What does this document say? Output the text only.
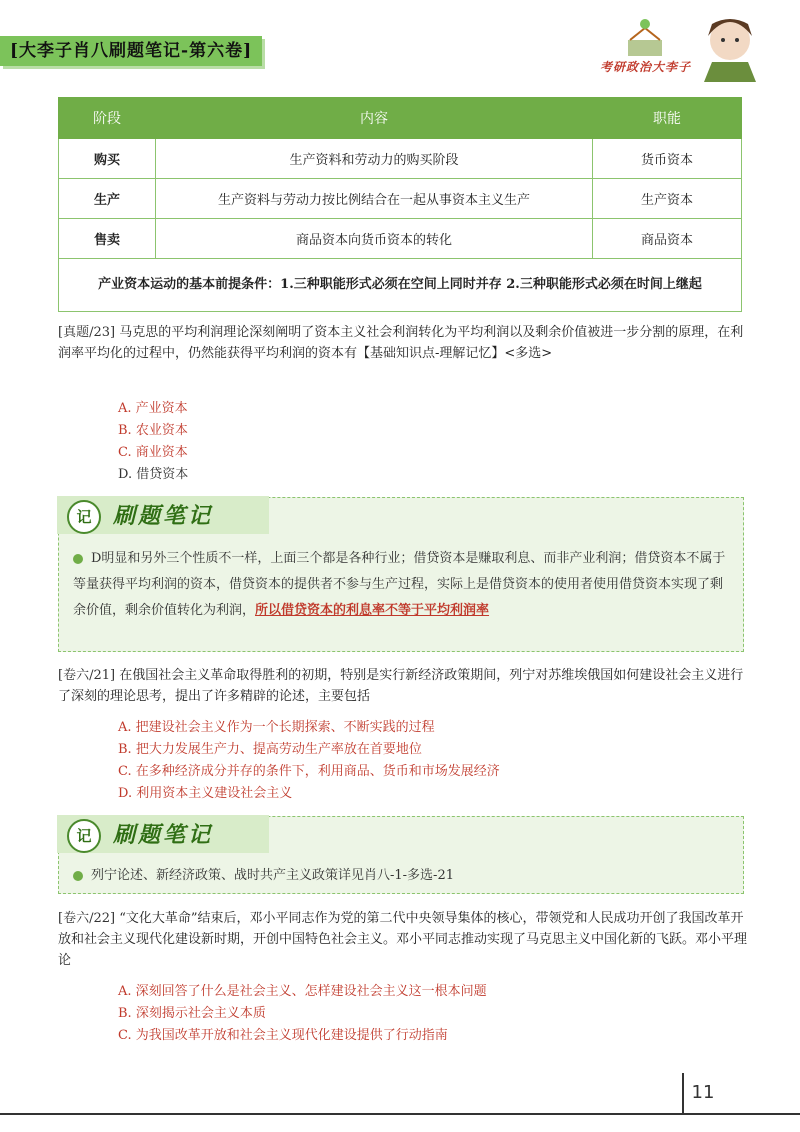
[大李子肖八刷题笔记-第六卷]
考研政治大李子
阶段	内容	职能
购买	生产资料和劳动力的购买阶段	货币资本
生产	生产资料与劳动力按比例结合在一起从事资本主义生产	生产资本
售卖	商品资本向货币资本的转化	商品资本
产业资本运动的基本前提条件：1.三种职能形式必须在空间上同时并存 2.三种职能形式必须在时间上继起		
[真题/23] 马克思的平均利润理论深刻阐明了资本主义社会利润转化为平均利润以及剩余价值被进一步分割的原理，在利润率平均化的过程中，仍然能获得平均利润的资本有【基础知识点-理解记忆】<多选>
A. 产业资本
B. 农业资本
C. 商业资本
D. 借贷资本
记 刷题笔记
D明显和另外三个性质不一样，上面三个都是各种行业；借贷资本是赚取利息、而非产业利润；借贷资本不属于等量获得平均利润的资本，借贷资本的提供者不参与生产过程，实际上是借贷资本的使用者使用借贷资本实现了剩余价值，剩余价值转化为利润，所以借贷资本的利息率不等于平均利润率
[卷六/21] 在俄国社会主义革命取得胜利的初期，特别是实行新经济政策期间，列宁对苏维埃俄国如何建设社会主义进行了深刻的理论思考，提出了许多精辟的论述，主要包括
A. 把建设社会主义作为一个长期探索、不断实践的过程
B. 把大力发展生产力、提高劳动生产率放在首要地位
C. 在多种经济成分并存的条件下，利用商品、货币和市场发展经济
D. 利用资本主义建设社会主义
记 刷题笔记
列宁论述、新经济政策、战时共产主义政策详见肖八-1-多选-21
[卷六/22] “文化大革命”结束后，邓小平同志作为党的第二代中央领导集体的核心，带领党和人民成功开创了我国改革开放和社会主义现代化建设新时期，开创中国特色社会主义。邓小平同志推动实现了马克思主义中国化新的飞跃。邓小平理论
A. 深刻回答了什么是社会主义、怎样建设社会主义这一根本问题
B. 深刻揭示社会主义本质
C. 为我国改革开放和社会主义现代化建设提供了行动指南
11
